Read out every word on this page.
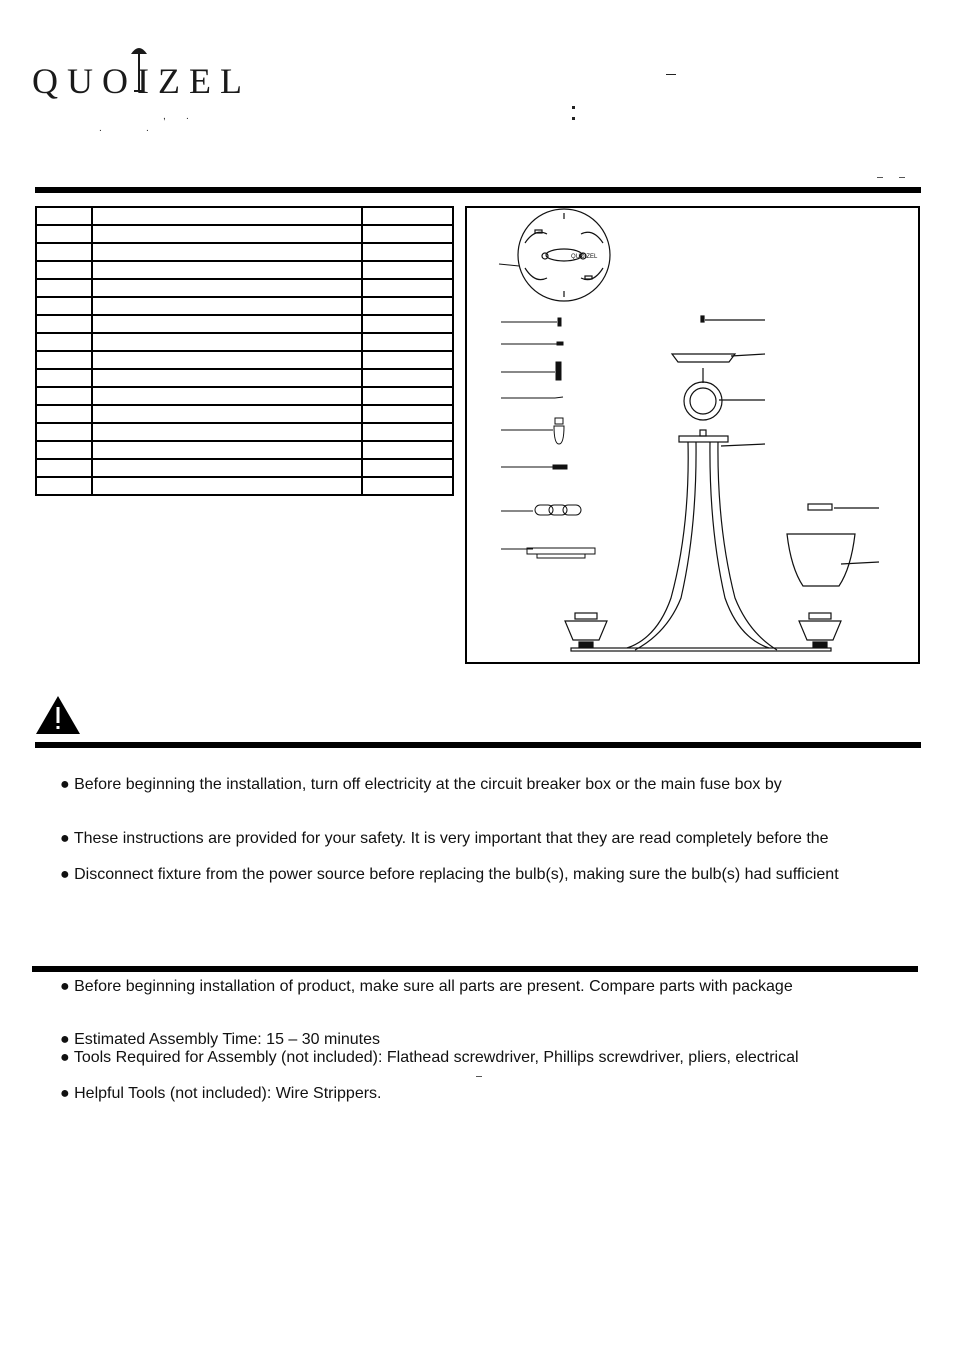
QUOIZEL
, .
.	.

QUOIZEL
● Before beginning the installation, turn off electricity at the circuit breaker box or the main fuse box by
● These instructions are provided for your safety. It is very important that they are read completely before the
● Disconnect fixture from the power source before replacing the bulb(s), making sure the bulb(s) had sufficient
● Before beginning installation of product, make sure all parts are present. Compare parts with package
● Estimated Assembly Time: 15 – 30 minutes
● Tools Required for Assembly (not included): Flathead screwdriver, Phillips screwdriver, pliers, electrical
● Helpful Tools (not included): Wire Strippers.
